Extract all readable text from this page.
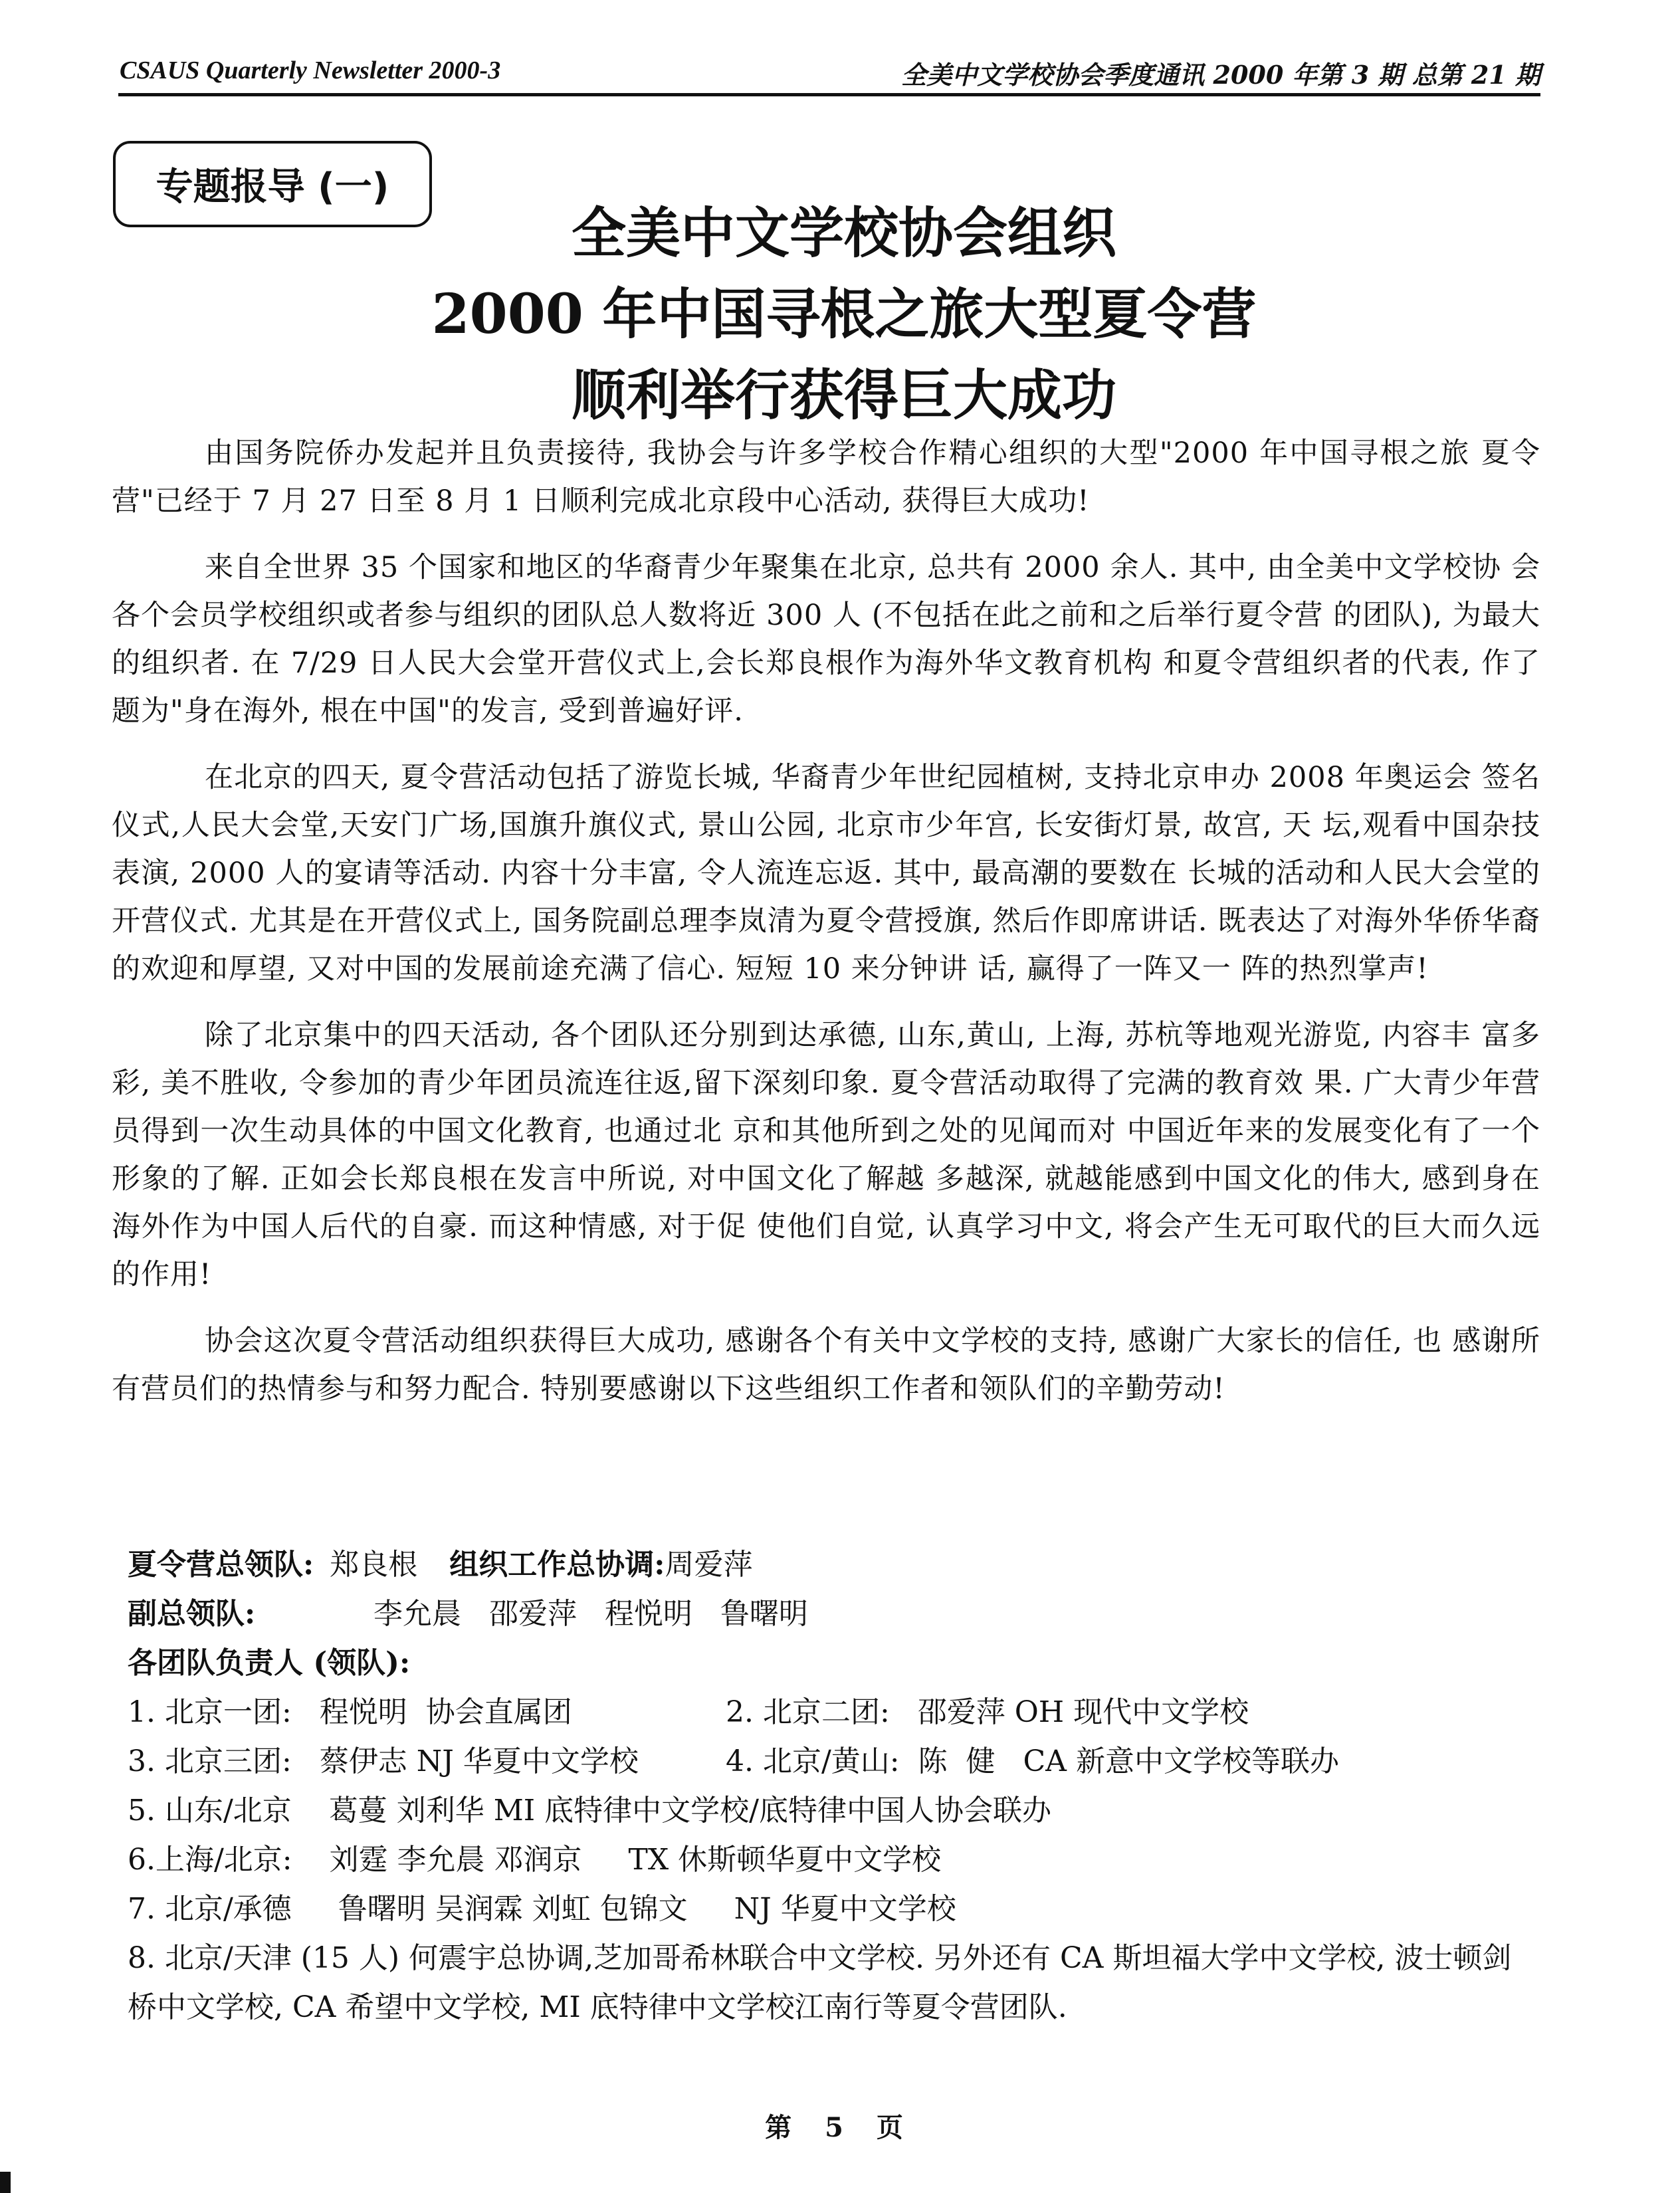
CSAUS Quarterly Newsletter 2000-3	全美中文学校协会季度通讯 2000 年第 3 期 总第 21 期
专题报导 (一)
全美中文学校协会组织
2000 年中国寻根之旅大型夏令营
顺利举行获得巨大成功

由国务院侨办发起并且负责接待, 我协会与许多学校合作精心组织的大型"2000 年中国寻根之旅 夏令营"已经于 7 月 27 日至 8 月 1 日顺利完成北京段中心活动, 获得巨大成功!

来自全世界 35 个国家和地区的华裔青少年聚集在北京, 总共有 2000 余人. 其中, 由全美中文学校协 会各个会员学校组织或者参与组织的团队总人数将近 300 人 (不包括在此之前和之后举行夏令营 的团队), 为最大的组织者. 在 7/29 日人民大会堂开营仪式上,会长郑良根作为海外华文教育机构 和夏令营组织者的代表, 作了题为"身在海外, 根在中国"的发言, 受到普遍好评.

在北京的四天, 夏令营活动包括了游览长城, 华裔青少年世纪园植树, 支持北京申办 2008 年奥运会 签名仪式,人民大会堂,天安门广场,国旗升旗仪式, 景山公园, 北京市少年宫, 长安街灯景, 故宫, 天 坛,观看中国杂技表演, 2000 人的宴请等活动. 内容十分丰富, 令人流连忘返. 其中, 最高潮的要数在 长城的活动和人民大会堂的开营仪式. 尤其是在开营仪式上, 国务院副总理李岚清为夏令营授旗, 然后作即席讲话. 既表达了对海外华侨华裔的欢迎和厚望, 又对中国的发展前途充满了信心. 短短 10 来分钟讲 话, 赢得了一阵又一 阵的热烈掌声!

除了北京集中的四天活动, 各个团队还分别到达承德, 山东,黄山, 上海, 苏杭等地观光游览, 内容丰 富多彩, 美不胜收, 令参加的青少年团员流连往返,留下深刻印象. 夏令营活动取得了完满的教育效 果. 广大青少年营员得到一次生动具体的中国文化教育, 也通过北 京和其他所到之处的见闻而对 中国近年来的发展变化有了一个形象的了解. 正如会长郑良根在发言中所说, 对中国文化了解越 多越深, 就越能感到中国文化的伟大, 感到身在海外作为中国人后代的自豪. 而这种情感, 对于促 使他们自觉, 认真学习中文, 将会产生无可取代的巨大而久远的作用!

协会这次夏令营活动组织获得巨大成功, 感谢各个有关中文学校的支持, 感谢广大家长的信任, 也 感谢所有营员们的热情参与和努力配合. 特别要感谢以下这些组织工作者和领队们的辛勤劳动!

夏令营总领队: 郑良根	组织工作总协调: 周爱萍
副总领队:	李允晨   邵爱萍   程悦明   鲁曙明
各团队负责人 (领队):
1. 北京一团:   程悦明  协会直属团	2. 北京二团:   邵爱萍 OH 现代中文学校
3. 北京三团:   蔡伊志 NJ 华夏中文学校	4. 北京/黄山:  陈  健   CA 新意中文学校等联办
5. 山东/北京    葛蔓 刘利华 MI 底特律中文学校/底特律中国人协会联办
6.上海/北京:    刘霆 李允晨 邓润京     TX 休斯顿华夏中文学校
7. 北京/承德     鲁曙明 吴润霖 刘虹 包锦文     NJ 华夏中文学校
8. 北京/天津 (15 人) 何震宇总协调,芝加哥希林联合中文学校. 另外还有 CA 斯坦福大学中文学校, 波士顿剑桥中文学校, CA 希望中文学校, MI 底特律中文学校江南行等夏令营团队.
第 5 页
